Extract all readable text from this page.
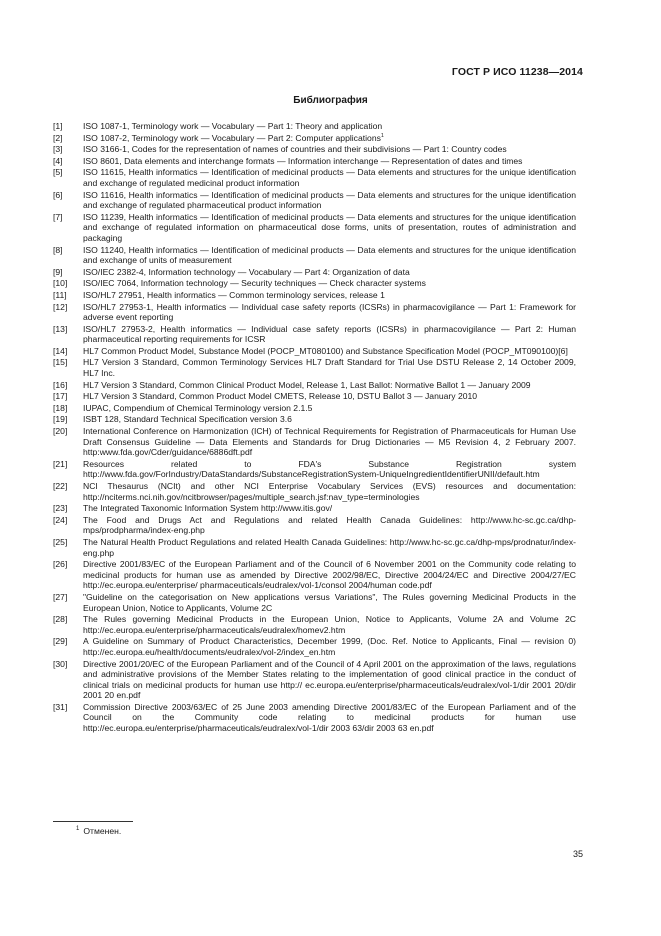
ГОСТ Р ИСО 11238—2014
Библиография
[1]	ISO 1087-1, Terminology work — Vocabulary — Part 1: Theory and application
[2]	ISO 1087-2, Terminology work — Vocabulary — Part 2: Computer applications$^1$
[3]	ISO 3166-1, Codes for the representation of names of countries and their subdivisions — Part 1: Country codes
[4]	ISO 8601, Data elements and interchange formats — Information interchange — Representation of dates and times
[5]	ISO 11615, Health informatics — Identification of medicinal products — Data elements and structures for the unique identification and exchange of regulated medicinal product information
[6]	ISO 11616, Health informatics — Identification of medicinal products — Data elements and structures for the unique identification and exchange of regulated pharmaceutical product information
[7]	ISO 11239, Health informatics — Identification of medicinal products — Data elements and structures for the unique identification and exchange of regulated information on pharmaceutical dose forms, units of presentation, routes of administration and packaging
[8]	ISO 11240, Health informatics — Identification of medicinal products — Data elements and structures for the unique identification and exchange of units of measurement
[9]	ISO/IEC 2382-4, Information technology — Vocabulary — Part 4: Organization of data
[10]	ISO/IEC 7064, Information technology — Security techniques — Check character systems
[11]	ISO/HL7 27951, Health informatics — Common terminology services, release 1
[12]	ISO/HL7 27953-1, Health informatics — Individual case safety reports (ICSRs) in pharmacovigilance — Part 1: Framework for adverse event reporting
[13]	ISO/HL7 27953-2, Health informatics — Individual case safety reports (ICSRs) in pharmacovigilance — Part 2: Human pharmaceutical reporting requirements for ICSR
[14]	HL7 Common Product Model, Substance Model (POCP_MT080100) and Substance Specification Model (POCP_MT090100)[6]
[15]	HL7 Version 3 Standard, Common Terminology Services HL7 Draft Standard for Trial Use DSTU Release 2, 14 October 2009, HL7 Inc.
[16]	HL7 Version 3 Standard, Common Clinical Product Model, Release 1, Last Ballot: Normative Ballot 1 — January 2009
[17]	HL7 Version 3 Standard, Common Product Model CMETS, Release 10, DSTU Ballot 3 — January 2010
[18]	IUPAC, Compendium of Chemical Terminology version 2.1.5
[19]	ISBT 128, Standard Technical Specification version 3.6
[20]	International Conference on Harmonization (ICH) of Technical Requirements for Registration of Pharmaceuticals for Human Use Draft Consensus Guideline — Data Elements and Standards for Drug Dictionaries — M5 Revision 4, 2 February 2007. http:www.fda.gov/Cder/guidance/6886dft.pdf
[21]	Resources related to FDA's Substance Registration system http://www.fda.gov/ForIndustry/DataStandards/SubstanceRegistrationSystem-UniqueIngredientIdentifierUNII/default.htm
[22]	NCI Thesaurus (NCIt) and other NCI Enterprise Vocabulary Services (EVS) resources and documentation: http://nciterms.nci.nih.gov/ncitbrowser/pages/multiple_search.jsf:nav_type=terminologies
[23]	The Integrated Taxonomic Information System http://www.itis.gov/
[24]	The Food and Drugs Act and Regulations and related Health Canada Guidelines: http://www.hc-sc.gc.ca/dhp-mps/prodpharma/index-eng.php
[25]	The Natural Health Product Regulations and related Health Canada Guidelines: http://www.hc-sc.gc.ca/dhp-mps/prodnatur/index-eng.php
[26]	Directive 2001/83/EC of the European Parliament and of the Council of 6 November 2001 on the Community code relating to medicinal products for human use as amended by Directive 2002/98/EC, Directive 2004/24/EC and Directive 2004/27/EC http://ec.europa.eu/enterprise/ pharmaceuticals/eudralex/vol-1/consol 2004/human code.pdf
[27]	"Guideline on the categorisation on New applications versus Variations", The Rules governing Medicinal Products in the European Union, Notice to Applicants, Volume 2C
[28]	The Rules governing Medicinal Products in the European Union, Notice to Applicants, Volume 2A and Volume 2C http://ec.europa.eu/enterprise/pharmaceuticals/eudralex/homev2.htm
[29]	A Guideline on Summary of Product Characteristics, December 1999, (Doc. Ref. Notice to Applicants, Final — revision 0) http://ec.europa.eu/health/documents/eudralex/vol-2/index_en.htm
[30]	Directive 2001/20/EC of the European Parliament and of the Council of 4 April 2001 on the approximation of the laws, regulations and administrative provisions of the Member States relating to the implementation of good clinical practice in the conduct of clinical trials on medicinal products for human use http:// ec.europa.eu/enterprise/pharmaceuticals/eudralex/vol-1/dir 2001 20/dir 2001 20 en.pdf
[31]	Commission Directive 2003/63/EC of 25 June 2003 amending Directive 2001/83/EC of the European Parliament and of the Council on the Community code relating to medicinal products for human use http://ec.europa.eu/enterprise/pharmaceuticals/eudralex/vol-1/dir 2003 63/dir 2003 63 en.pdf
$^1$ Отменен.
35
